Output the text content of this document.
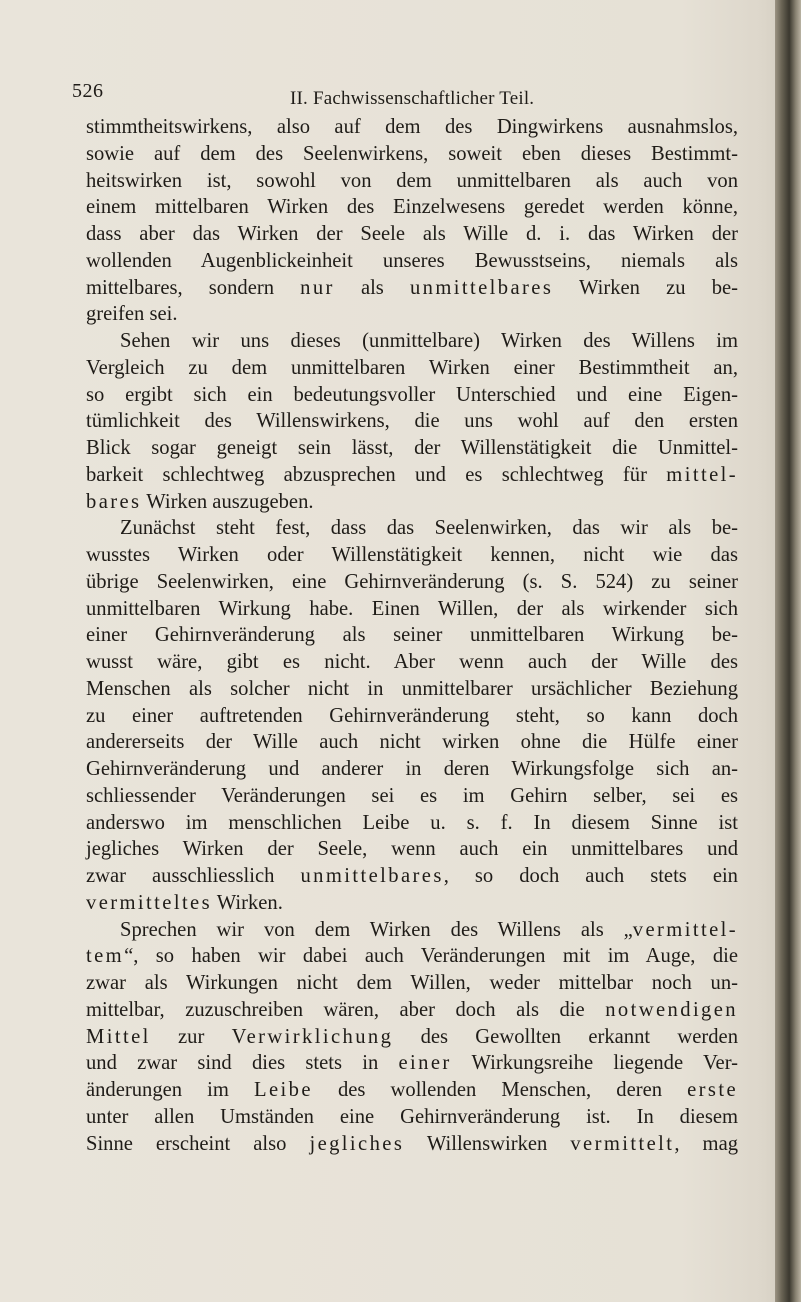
526	II. Fachwissenschaftlicher Teil.
stimmtheitswirkens, also auf dem des Dingwirkens ausnahmslos,
sowie auf dem des Seelenwirkens, soweit eben dieses Bestimmt-
heitswirken ist, sowohl von dem unmittelbaren als auch von
einem mittelbaren Wirken des Einzelwesens geredet werden könne,
dass aber das Wirken der Seele als Wille d. i. das Wirken der
wollenden Augenblickeinheit unseres Bewusstseins, niemals als
mittelbares, sondern nur als unmittelbares Wirken zu be-
greifen sei.
Sehen wir uns dieses (unmittelbare) Wirken des Willens im
Vergleich zu dem unmittelbaren Wirken einer Bestimmtheit an,
so ergibt sich ein bedeutungsvoller Unterschied und eine Eigen-
tümlichkeit des Willenswirkens, die uns wohl auf den ersten
Blick sogar geneigt sein lässt, der Willenstätigkeit die Unmittel-
barkeit schlechtweg abzusprechen und es schlechtweg für mittel-
bares Wirken auszugeben.
Zunächst steht fest, dass das Seelenwirken, das wir als be-
wusstes Wirken oder Willenstätigkeit kennen, nicht wie das
übrige Seelenwirken, eine Gehirnveränderung (s. S. 524) zu seiner
unmittelbaren Wirkung habe. Einen Willen, der als wirkender sich
einer Gehirnveränderung als seiner unmittelbaren Wirkung be-
wusst wäre, gibt es nicht. Aber wenn auch der Wille des
Menschen als solcher nicht in unmittelbarer ursächlicher Beziehung
zu einer auftretenden Gehirnveränderung steht, so kann doch
andererseits der Wille auch nicht wirken ohne die Hülfe einer
Gehirnveränderung und anderer in deren Wirkungsfolge sich an-
schliessender Veränderungen sei es im Gehirn selber, sei es
anderswo im menschlichen Leibe u. s. f. In diesem Sinne ist
jegliches Wirken der Seele, wenn auch ein unmittelbares und
zwar ausschliesslich unmittelbares, so doch auch stets ein
vermitteltes Wirken.
Sprechen wir von dem Wirken des Willens als „vermittel-
tem“, so haben wir dabei auch Veränderungen mit im Auge, die
zwar als Wirkungen nicht dem Willen, weder mittelbar noch un-
mittelbar, zuzuschreiben wären, aber doch als die notwendigen
Mittel zur Verwirklichung des Gewollten erkannt werden
und zwar sind dies stets in einer Wirkungsreihe liegende Ver-
änderungen im Leibe des wollenden Menschen, deren erste
unter allen Umständen eine Gehirnveränderung ist. In diesem
Sinne erscheint also jegliches Willenswirken vermittelt, mag
